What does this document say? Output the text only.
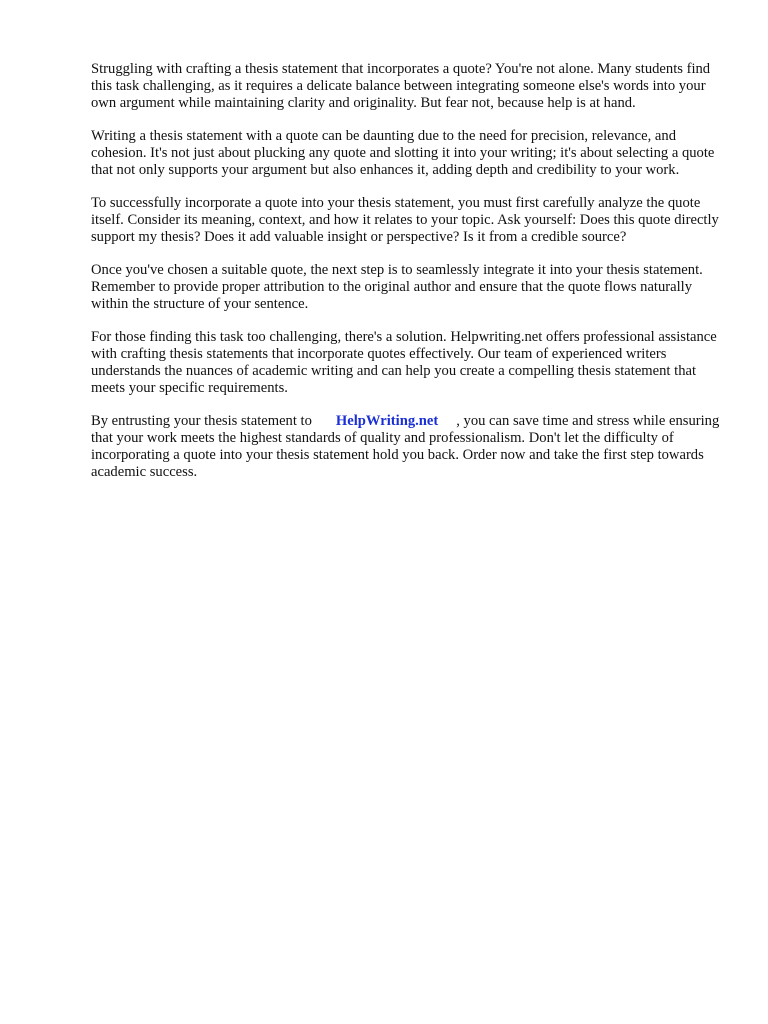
Struggling with crafting a thesis statement that incorporates a quote? You're not alone. Many students find this task challenging, as it requires a delicate balance between integrating someone else's words into your own argument while maintaining clarity and originality. But fear not, because help is at hand.

Writing a thesis statement with a quote can be daunting due to the need for precision, relevance, and cohesion. It's not just about plucking any quote and slotting it into your writing; it's about selecting a quote that not only supports your argument but also enhances it, adding depth and credibility to your work.

To successfully incorporate a quote into your thesis statement, you must first carefully analyze the quote itself. Consider its meaning, context, and how it relates to your topic. Ask yourself: Does this quote directly support my thesis? Does it add valuable insight or perspective? Is it from a credible source?

Once you've chosen a suitable quote, the next step is to seamlessly integrate it into your thesis statement. Remember to provide proper attribution to the original author and ensure that the quote flows naturally within the structure of your sentence.

For those finding this task too challenging, there's a solution. Helpwriting.net offers professional assistance with crafting thesis statements that incorporate quotes effectively. Our team of experienced writers understands the nuances of academic writing and can help you create a compelling thesis statement that meets your specific requirements.

By entrusting your thesis statement to HelpWriting.net , you can save time and stress while ensuring that your work meets the highest standards of quality and professionalism. Don't let the difficulty of incorporating a quote into your thesis statement hold you back. Order now and take the first step towards academic success.
